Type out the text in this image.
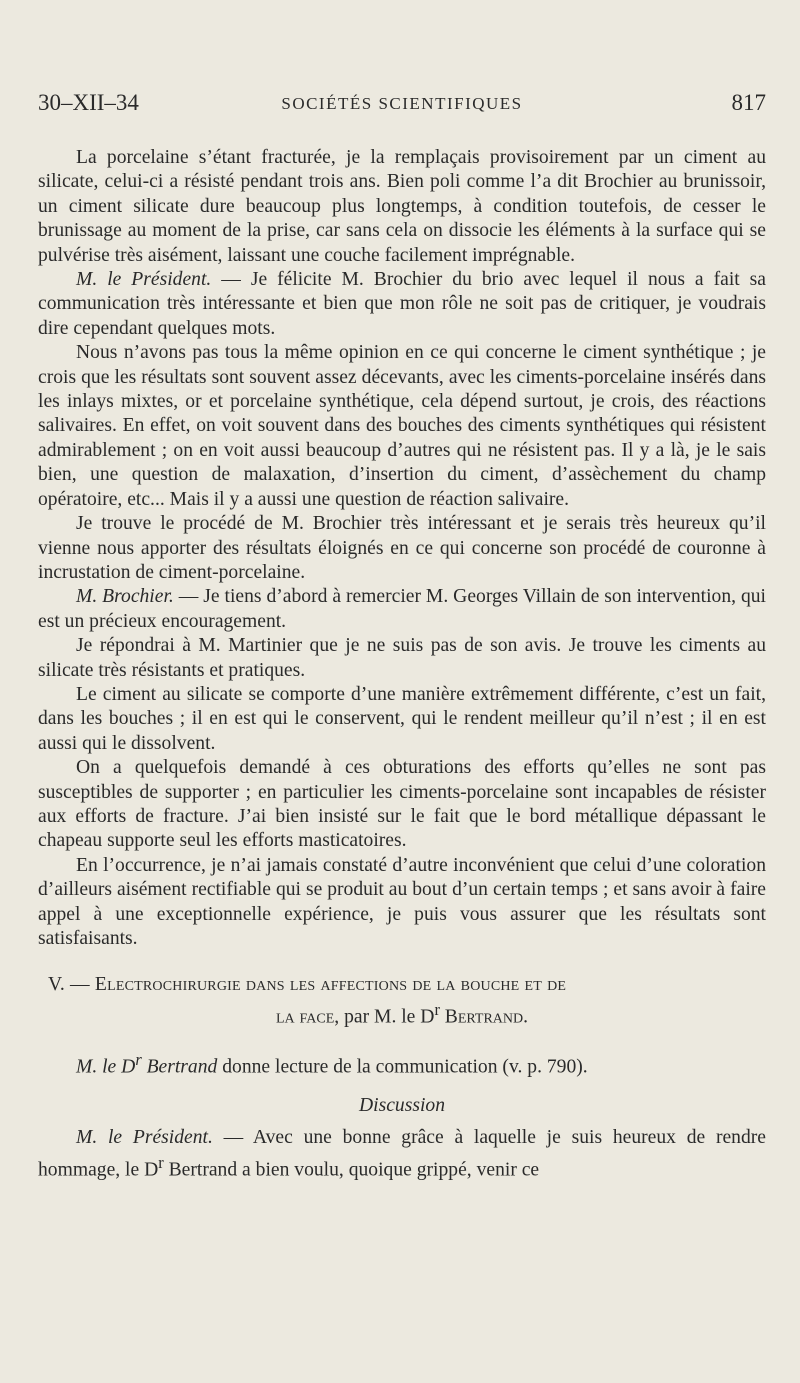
30–XII–34	SOCIÉTÉS SCIENTIFIQUES	817

La porcelaine s’étant fracturée, je la remplaçais provisoirement par un ciment au silicate, celui-ci a résisté pendant trois ans. Bien poli comme l’a dit Brochier au brunissoir, un ciment silicate dure beaucoup plus longtemps, à condition toutefois, de cesser le brunissage au moment de la prise, car sans cela on dissocie les éléments à la surface qui se pulvérise très aisément, laissant une couche facilement imprégnable.

M. le Président. — Je félicite M. Brochier du brio avec lequel il nous a fait sa communication très intéressante et bien que mon rôle ne soit pas de critiquer, je voudrais dire cependant quelques mots.

Nous n’avons pas tous la même opinion en ce qui concerne le ciment synthétique ; je crois que les résultats sont souvent assez décevants, avec les ciments-porcelaine insérés dans les inlays mixtes, or et porcelaine synthétique, cela dépend surtout, je crois, des réactions salivaires. En effet, on voit souvent dans des bouches des ciments synthétiques qui résistent admirablement ; on en voit aussi beaucoup d’autres qui ne résistent pas. Il y a là, je le sais bien, une question de malaxation, d’insertion du ciment, d’assèchement du champ opératoire, etc... Mais il y a aussi une question de réaction salivaire.

Je trouve le procédé de M. Brochier très intéressant et je serais très heureux qu’il vienne nous apporter des résultats éloignés en ce qui concerne son procédé de couronne à incrustation de ciment-porcelaine.

M. Brochier. — Je tiens d’abord à remercier M. Georges Villain de son intervention, qui est un précieux encouragement.

Je répondrai à M. Martinier que je ne suis pas de son avis. Je trouve les ciments au silicate très résistants et pratiques.

Le ciment au silicate se comporte d’une manière extrêmement différente, c’est un fait, dans les bouches ; il en est qui le conservent, qui le rendent meilleur qu’il n’est ; il en est aussi qui le dissolvent.

On a quelquefois demandé à ces obturations des efforts qu’elles ne sont pas susceptibles de supporter ; en particulier les ciments-porcelaine sont incapables de résister aux efforts de fracture. J’ai bien insisté sur le fait que le bord métallique dépassant le chapeau supporte seul les efforts masticatoires.

En l’occurrence, je n’ai jamais constaté d’autre inconvénient que celui d’une coloration d’ailleurs aisément rectifiable qui se produit au bout d’un certain temps ; et sans avoir à faire appel à une exceptionnelle expérience, je puis vous assurer que les résultats sont satisfaisants.

V. — Electrochirurgie dans les affections de la bouche et de

la face, par M. le $D^r$ Bertrand.

M. le $D^r$ Bertrand donne lecture de la communication (v. p. 790).

Discussion

M. le Président. — Avec une bonne grâce à laquelle je suis heureux de rendre hommage, le $D^r$ Bertrand a bien voulu, quoique grippé, venir ce
